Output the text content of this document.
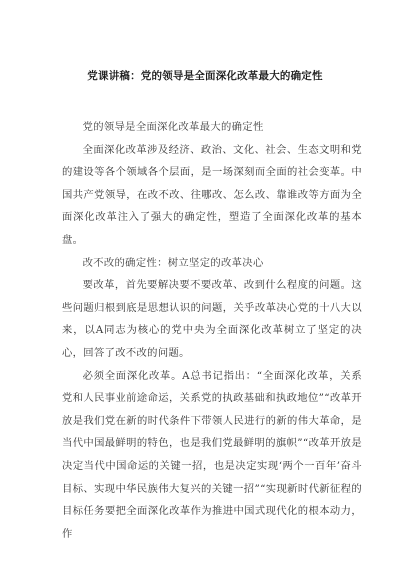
党课讲稿：党的领导是全面深化改革最大的确定性

党的领导是全面深化改革最大的确定性

全面深化改革涉及经济、政治、文化、社会、生态文明和党的建设等各个领域各个层面，是一场深刻而全面的社会变革。中国共产党领导，在改不改、往哪改、怎么改、靠谁改等方面为全面深化改革注入了强大的确定性，塑造了全面深化改革的基本盘。

改不改的确定性：树立坚定的改革决心

要改革，首先要解决要不要改革、改到什么程度的问题。这些问题归根到底是思想认识的问题，关乎改革决心党的十八大以来，以A同志为核心的党中央为全面深化改革树立了坚定的决心，回答了改不改的问题。

必须全面深化改革。A总书记指出：“全面深化改革，关系党和人民事业前途命运，关系党的执政基础和执政地位”“改革开放是我们党在新的时代条件下带领人民进行的新的伟大革命，是当代中国最鲜明的特色，也是我们党最鲜明的旗帜”“改革开放是决定当代中国命运的关键一招，也是决定实现‘两个一百年’奋斗目标、实现中华民族伟大复兴的关键一招”“实现新时代新征程的目标任务要把全面深化改革作为推进中国式现代化的根本动力，作
